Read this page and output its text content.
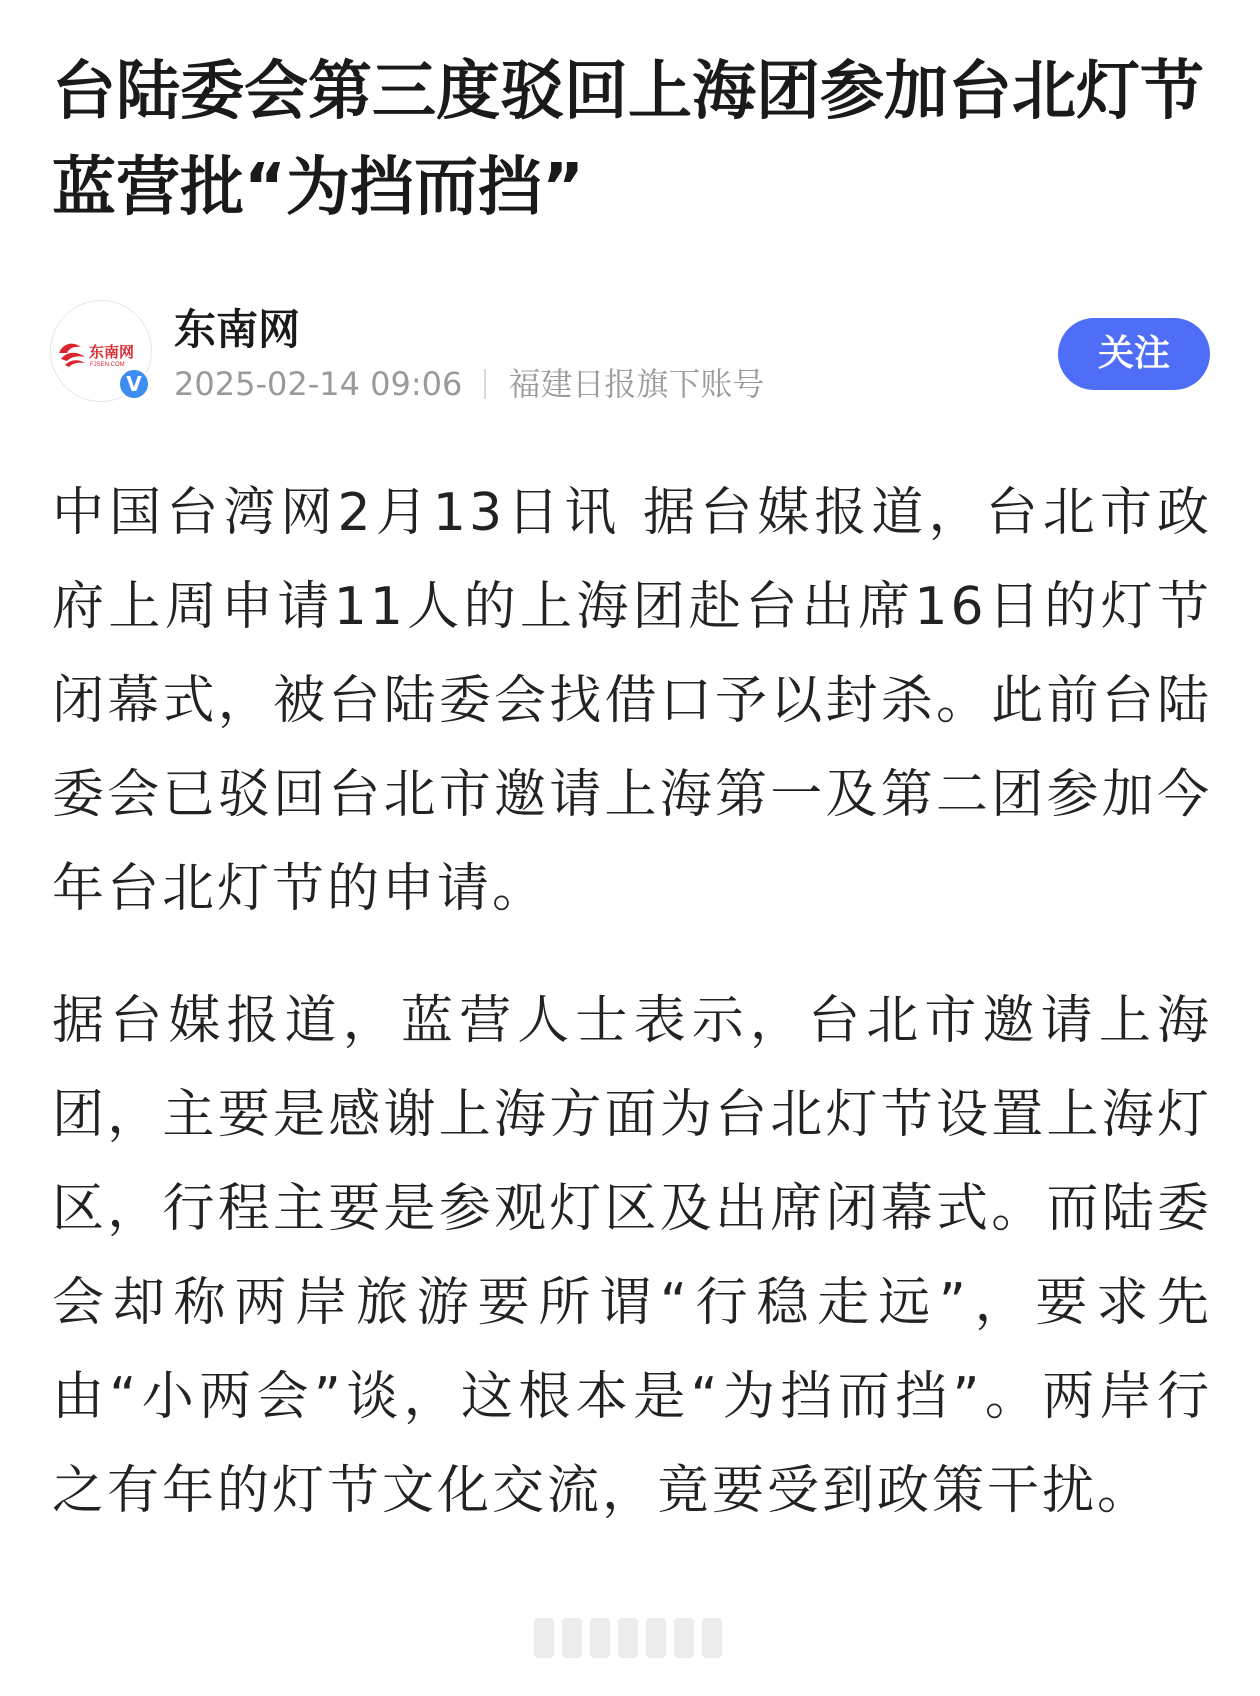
台陆委会第三度驳回上海团参加台北灯节 蓝营批“为挡而挡”
东南网
FJSEN.COM
V
东南网
2025-02-14 09:06 福建日报旗下账号
关注

中国台湾网2月13日讯 据台媒报道，台北市政府上周申请11人的上海团赴台出席16日的灯节闭幕式，被台陆委会找借口予以封杀。此前台陆委会已驳回台北市邀请上海第一及第二团参加今年台北灯节的申请。

据台媒报道，蓝营人士表示，台北市邀请上海团，主要是感谢上海方面为台北灯节设置上海灯区，行程主要是参观灯区及出席闭幕式。而陆委会却称两岸旅游要所谓“行稳走远”，要求先由“小两会”谈，这根本是“为挡而挡”。两岸行之有年的灯节文化交流，竟要受到政策干扰。
